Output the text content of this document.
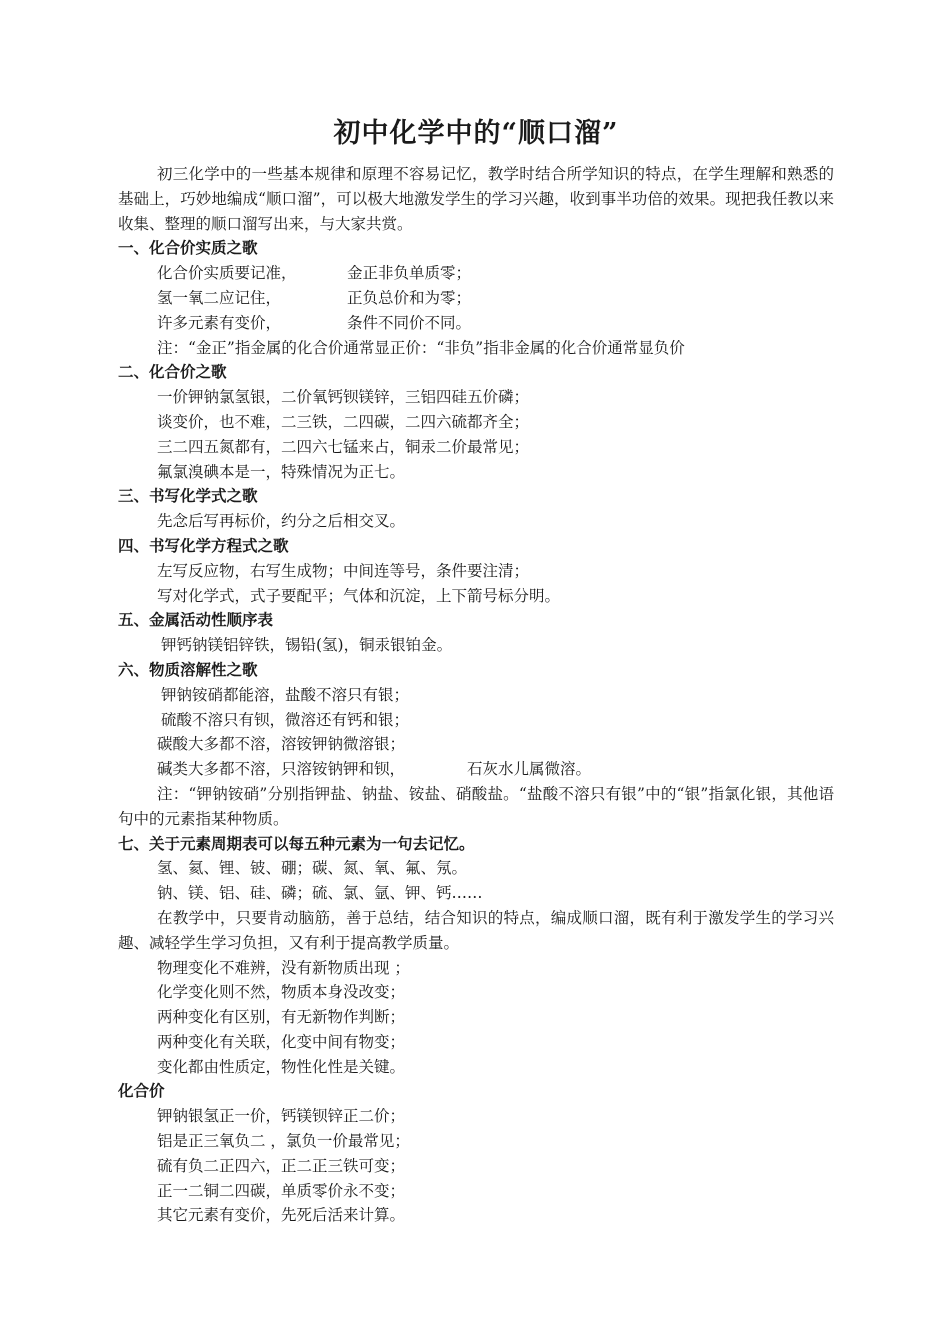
初中化学中的“顺口溜”
初三化学中的一些基本规律和原理不容易记忆，教学时结合所学知识的特点，在学生理解和熟悉的基础上，巧妙地编成“顺口溜”，可以极大地激发学生的学习兴趣，收到事半功倍的效果。现把我任教以来收集、整理的顺口溜写出来，与大家共赏。
一、化合价实质之歌
化合价实质要记准，	金正非负单质零；
氢一氧二应记住，	正负总价和为零；
许多元素有变价，	条件不同价不同。
注：“金正”指金属的化合价通常显正价：“非负”指非金属的化合价通常显负价
二、化合价之歌
一价钾钠氯氢银，二价氧钙钡镁锌，三铝四硅五价磷；
谈变价，也不难，二三铁，二四碳，二四六硫都齐全；
三二四五氮都有，二四六七锰来占，铜汞二价最常见；
氟氯溴碘本是一，特殊情况为正七。
三、书写化学式之歌
先念后写再标价，约分之后相交叉。
四、书写化学方程式之歌
左写反应物，右写生成物；中间连等号，条件要注清；
写对化学式，式子要配平；气体和沉淀，上下箭号标分明。
五、金属活动性顺序表
钾钙钠镁铝锌铁，锡铅(氢)，铜汞银铂金。
六、物质溶解性之歌
钾钠铵硝都能溶，盐酸不溶只有银；
硫酸不溶只有钡，微溶还有钙和银；
碳酸大多都不溶，溶铵钾钠微溶银；
碱类大多都不溶，只溶铵钠钾和钡，	石灰水儿属微溶。
注：“钾钠铵硝”分别指钾盐、钠盐、铵盐、硝酸盐。“盐酸不溶只有银”中的“银”指氯化银，其他语句中的元素指某种物质。
七、关于元素周期表可以每五种元素为一句去记忆。
氢、氦、锂、铍、硼；碳、氮、氧、氟、氖。
钠、镁、铝、硅、磷；硫、氯、氩、钾、钙……
在教学中，只要肯动脑筋，善于总结，结合知识的特点，编成顺口溜，既有利于激发学生的学习兴趣、减轻学生学习负担，又有利于提高教学质量。
物理变化不难辨，没有新物质出现 ；
化学变化则不然，物质本身没改变；
两种变化有区别，有无新物作判断；
两种变化有关联，化变中间有物变；
变化都由性质定，物性化性是关键。
化合价
钾钠银氢正一价，钙镁钡锌正二价；
铝是正三氧负二 ，氯负一价最常见；
硫有负二正四六，正二正三铁可变；
正一二铜二四碳，单质零价永不变；
其它元素有变价，先死后活来计算。
